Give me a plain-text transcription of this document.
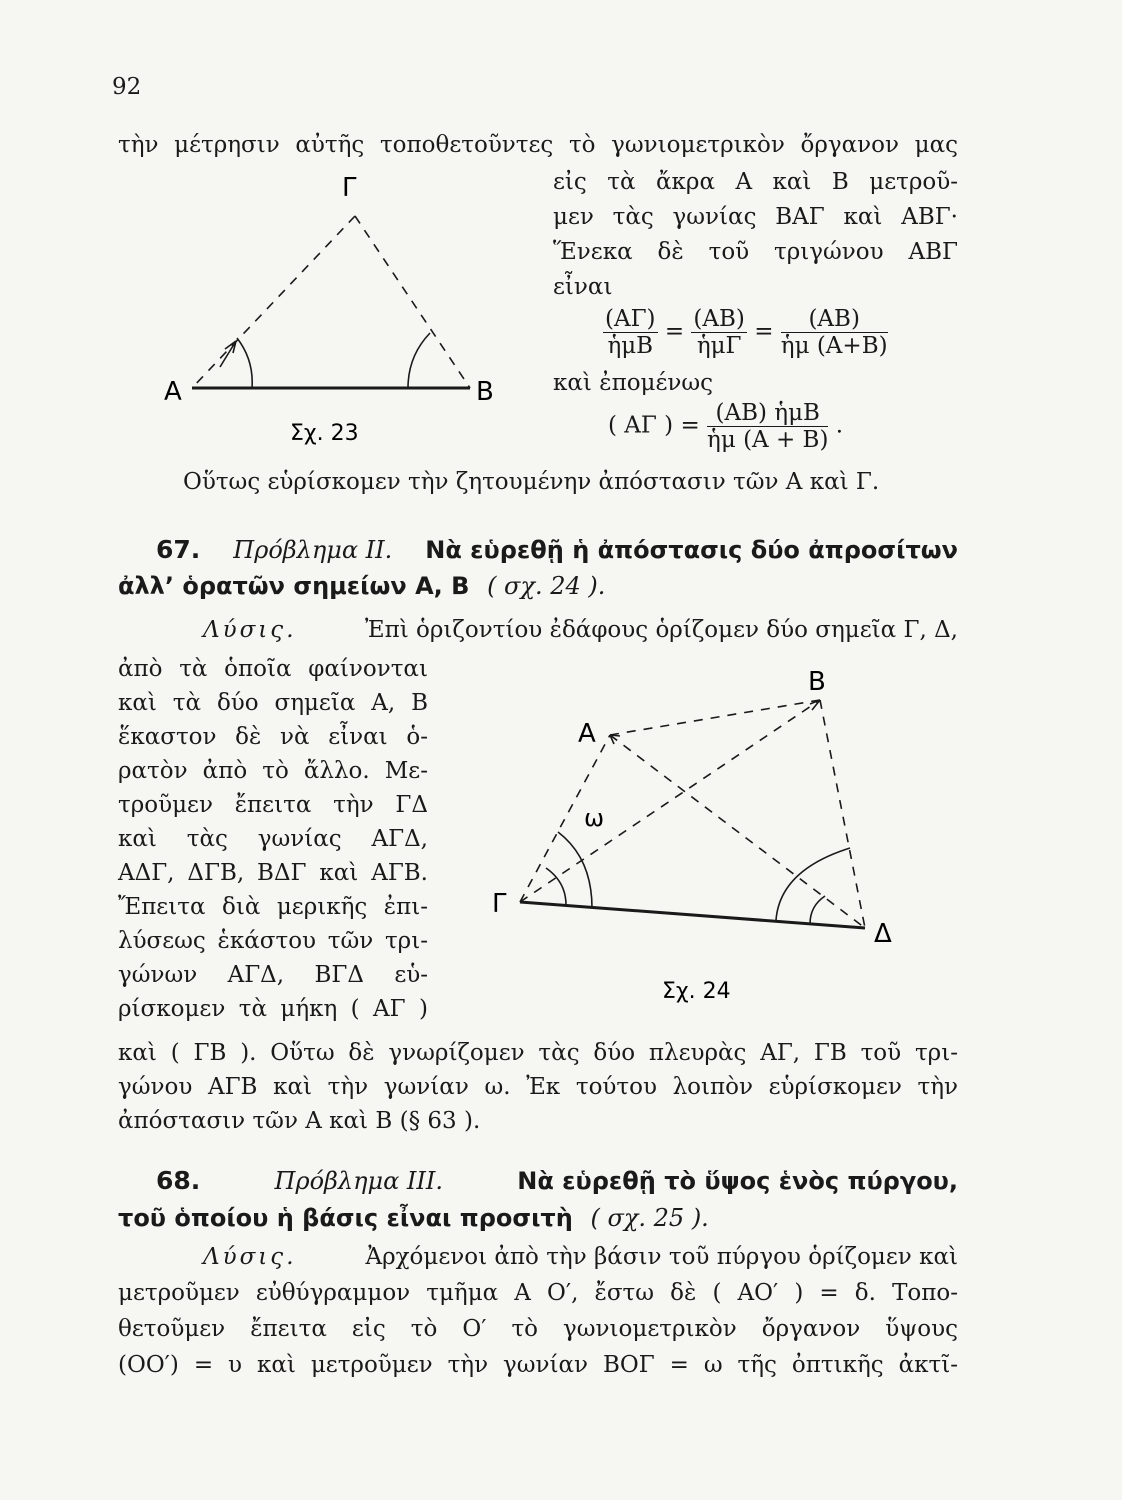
92
τὴν μέτρησιν αὐτῆς τοποθετοῦντες τὸ γωνιομετρικὸν ὄργανον μας
εἰς τὰ ἄκρα Α καὶ Β μετροῦ-
μεν τὰς γωνίας ΒΑΓ καὶ ΑΒΓ·
Ἕνεκα δὲ τοῦ τριγώνου ΑΒΓ
εἶναι
$\frac{(A\Gamma)}{\text{ἡμΒ}} = \frac{(AB)}{\text{ἡμΓ}} = \frac{(AB)}{\text{ἡμ (Α+Β)}}$
καὶ ἐπομένως
( ΑΓ ) = $\frac{\text{(ΑΒ) ἡμΒ}}{\text{ἡμ (Α + Β)}}$ .
Οὕτως εὑρίσκομεν τὴν ζητουμένην ἀπόστασιν τῶν Α καὶ Γ.
Γ
Α	Β
Σχ. 23
67. Πρόβλημα ΙΙ. Νὰ εὑρεθῇ ἡ ἀπόστασις δύο ἀπροσίτων
ἀλλ’ ὁρατῶν σημείων Α, Β ( σχ. 24 ).
Λύσις.	Ἐπὶ ὁριζοντίου ἐδάφους ὁρίζομεν δύο σημεῖα Γ, Δ,
ἀπὸ τὰ ὁποῖα φαίνονται
καὶ τὰ δύο σημεῖα Α, Β
ἕκαστον δὲ νὰ εἶναι ὁ-
ρατὸν ἀπὸ τὸ ἄλλο. Με-
τροῦμεν ἔπειτα τὴν ΓΔ
καὶ τὰς γωνίας ΑΓΔ,
ΑΔΓ, ΔΓΒ, ΒΔΓ καὶ ΑΓΒ.
Ἔπειτα διὰ μερικῆς ἐπι-
λύσεως ἑκάστου τῶν τρι-
γώνων ΑΓΔ, ΒΓΔ εὑ-
ρίσκομεν τὰ μήκη ( ΑΓ )
καὶ ( ΓΒ ). Οὕτω δὲ γνωρίζομεν τὰς δύο πλευρὰς ΑΓ, ΓΒ τοῦ τρι-
γώνου ΑΓΒ καὶ τὴν γωνίαν ω. Ἐκ τούτου λοιπὸν εὑρίσκομεν τὴν
ἀπόστασιν τῶν Α καὶ Β (§ 63 ).
Β
Α
Γ
Δ
ω
Σχ. 24
68.	Πρόβλημα ΙΙΙ.	Νὰ εὑρεθῇ τὸ ὕψος ἑνὸς πύργου,
τοῦ ὁποίου ἡ βάσις εἶναι προσιτὴ ( σχ. 25 ).
Λύσις.	Ἀρχόμενοι ἀπὸ τὴν βάσιν τοῦ πύργου ὁρίζομεν καὶ
μετροῦμεν εὐθύγραμμον τμῆμα Α Ο′, ἔστω δὲ ( ΑΟ′ ) = δ. Τοπο-
θετοῦμεν ἔπειτα εἰς τὸ Ο′ τὸ γωνιομετρικὸν ὄργανον ὕψους
(ΟΟ′) = υ καὶ μετροῦμεν τὴν γωνίαν ΒΟΓ = ω τῆς ὀπτικῆς ἀκτῖ-
